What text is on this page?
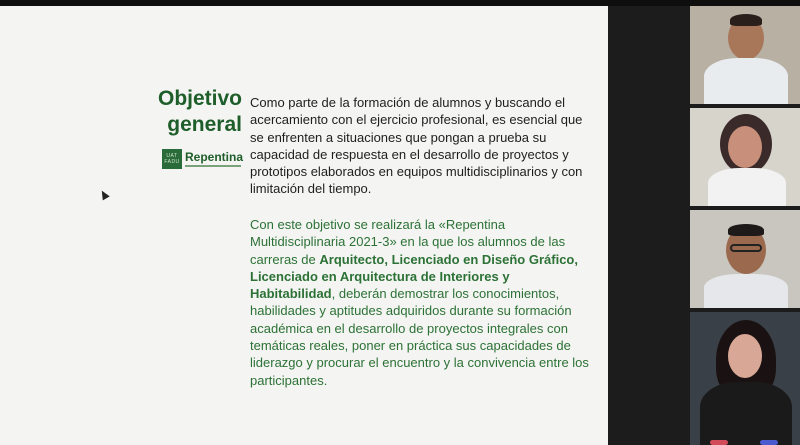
Objetivo
general
UAT
FADU Repentina
Como parte de la formación de alumnos y buscando el acercamiento con el ejercicio profesional, es esencial que se enfrenten a situaciones que pongan a prueba su capacidad de respuesta en el desarrollo de proyectos y prototipos elaborados en equipos multidisciplinarios y con limitación del tiempo.
Con este objetivo se realizará la «Repentina Multidisciplinaria 2021-3» en la que los alumnos de las carreras de Arquitecto, Licenciado en Diseño Gráfico, Licenciado en Arquitectura de Interiores y Habitabilidad, deberán demostrar los conocimientos, habilidades y aptitudes adquiridos durante su formación académica en el desarrollo de proyectos integrales con temáticas reales, poner en práctica sus capacidades de liderazgo y procurar el encuentro y la convivencia entre los participantes.
